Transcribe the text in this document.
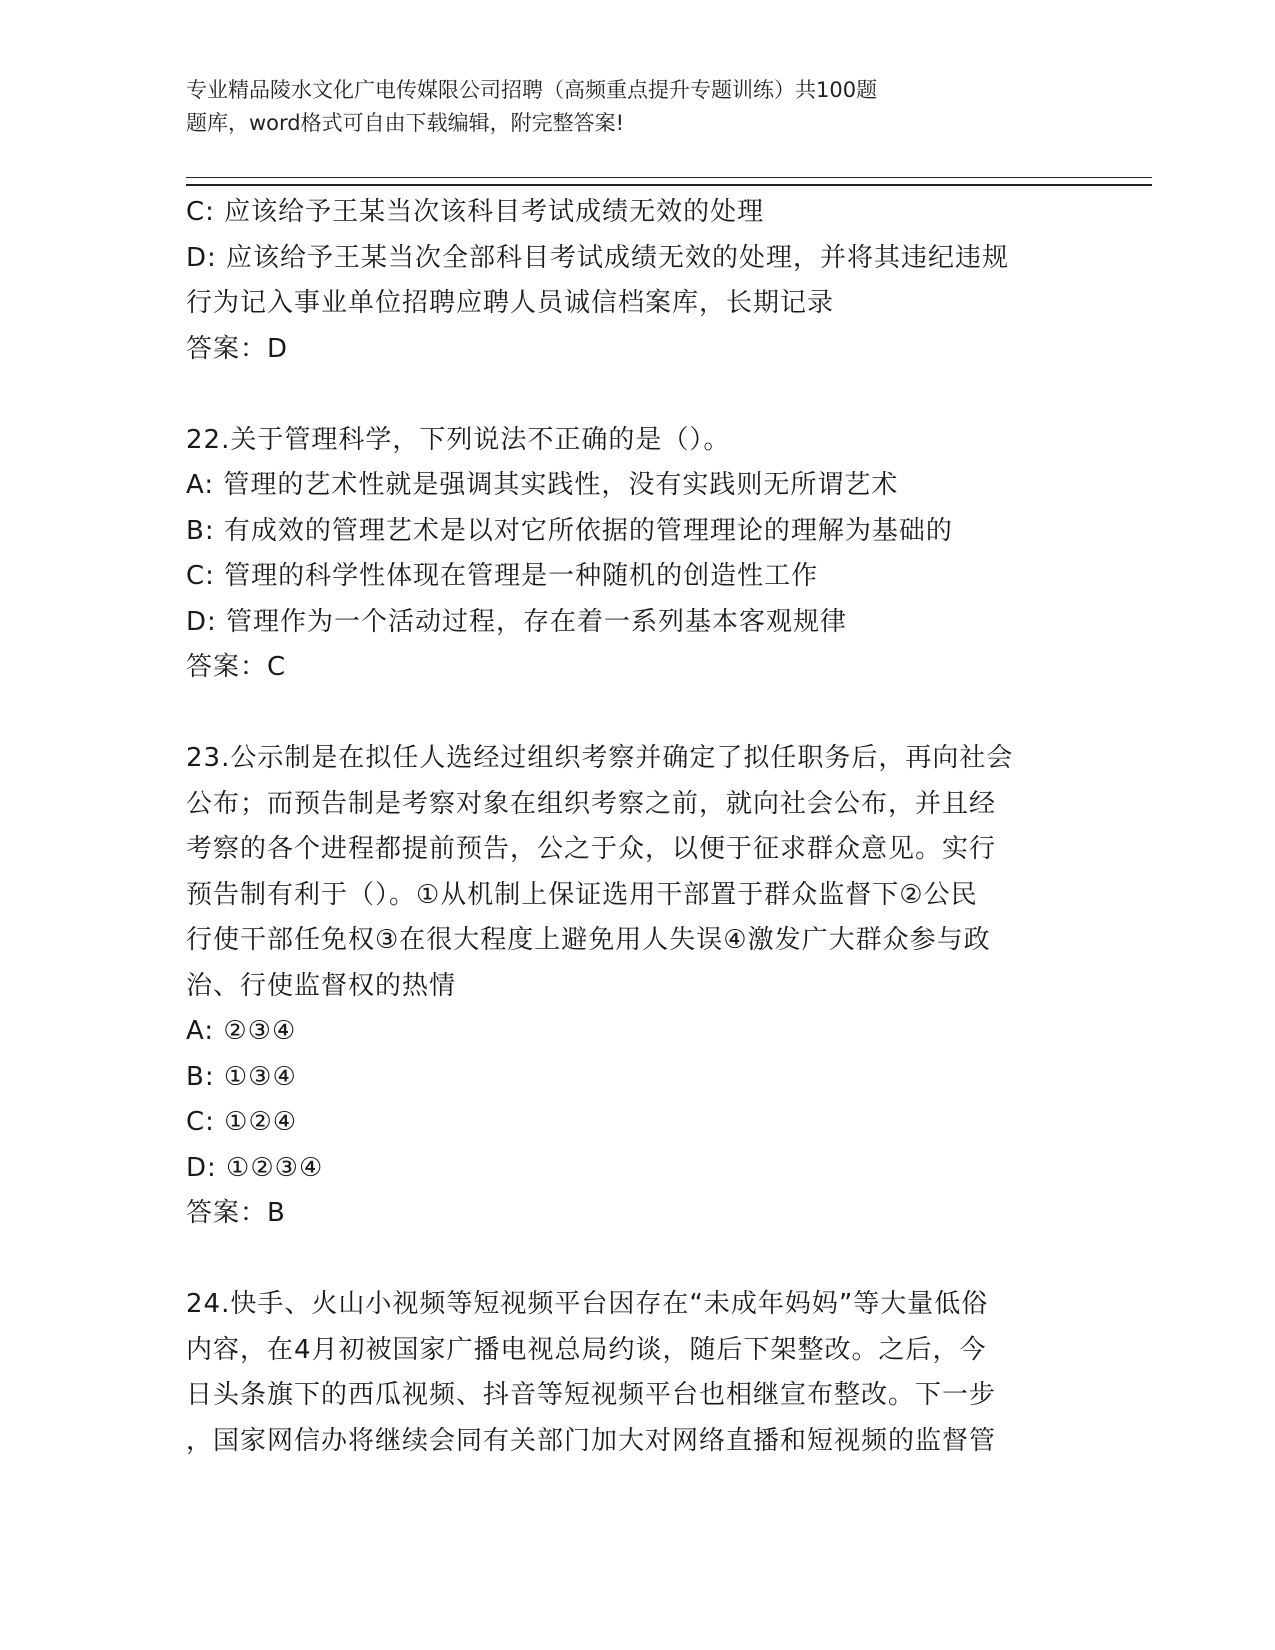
专业精品陵水文化广电传媒限公司招聘（高频重点提升专题训练）共100题
题库，word格式可自由下载编辑，附完整答案!
C: 应该给予王某当次该科目考试成绩无效的处理
D: 应该给予王某当次全部科目考试成绩无效的处理，并将其违纪违规
行为记入事业单位招聘应聘人员诚信档案库，长期记录
答案：D
22.关于管理科学，下列说法不正确的是（）。
A: 管理的艺术性就是强调其实践性，没有实践则无所谓艺术
B: 有成效的管理艺术是以对它所依据的管理理论的理解为基础的
C: 管理的科学性体现在管理是一种随机的创造性工作
D: 管理作为一个活动过程，存在着一系列基本客观规律
答案：C
23.公示制是在拟任人选经过组织考察并确定了拟任职务后，再向社会
公布；而预告制是考察对象在组织考察之前，就向社会公布，并且经
考察的各个进程都提前预告，公之于众，以便于征求群众意见。实行
预告制有利于（）。①从机制上保证选用干部置于群众监督下②公民
行使干部任免权③在很大程度上避免用人失误④激发广大群众参与政
治、行使监督权的热情
A: ②③④
B: ①③④
C: ①②④
D: ①②③④
答案：B
24.快手、火山小视频等短视频平台因存在“未成年妈妈”等大量低俗
内容，在4月初被国家广播电视总局约谈，随后下架整改。之后，今
日头条旗下的西瓜视频、抖音等短视频平台也相继宣布整改。下一步
，国家网信办将继续会同有关部门加大对网络直播和短视频的监督管
